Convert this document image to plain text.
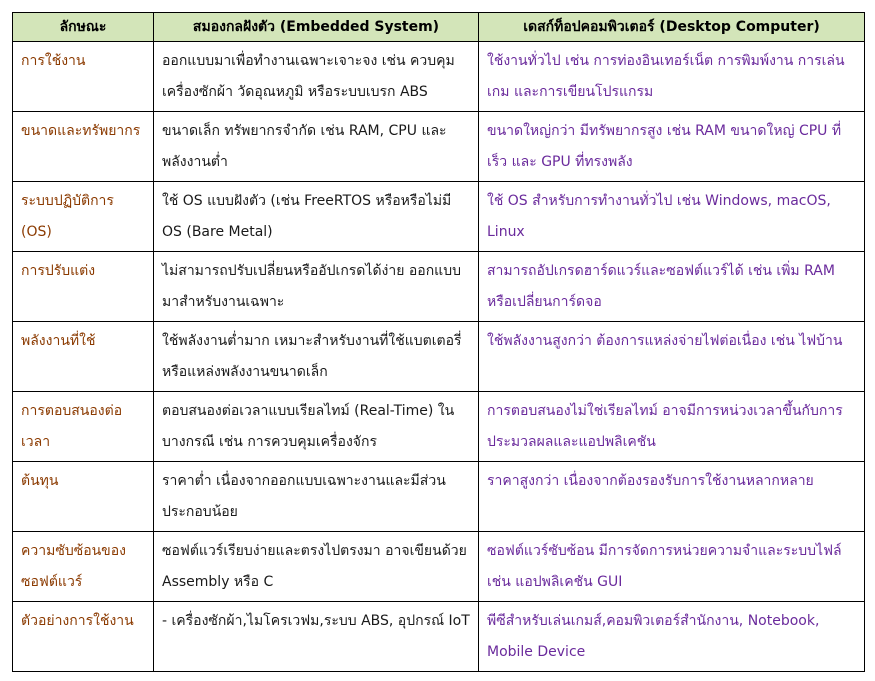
ลักษณะ	สมองกลฝังตัว (Embedded System)	เดสก์ท็อปคอมพิวเตอร์ (Desktop Computer)
การใช้งาน	ออกแบบมาเพื่อทำงานเฉพาะเจาะจง เช่น ควบคุมเครื่องซักผ้า วัดอุณหภูมิ หรือระบบเบรก ABS	ใช้งานทั่วไป เช่น การท่องอินเทอร์เน็ต การพิมพ์งาน การเล่นเกม และการเขียนโปรแกรม
ขนาดและทรัพยากร	ขนาดเล็ก ทรัพยากรจำกัด เช่น RAM, CPU และพลังงานต่ำ	ขนาดใหญ่กว่า มีทรัพยากรสูง เช่น RAM ขนาดใหญ่ CPU ที่เร็ว และ GPU ที่ทรงพลัง
ระบบปฏิบัติการ (OS)	ใช้ OS แบบฝังตัว (เช่น FreeRTOS หรือหรือไม่มี OS (Bare Metal)	ใช้ OS สำหรับการทำงานทั่วไป เช่น Windows, macOS, Linux
การปรับแต่ง	ไม่สามารถปรับเปลี่ยนหรืออัปเกรดได้ง่าย ออกแบบมาสำหรับงานเฉพาะ	สามารถอัปเกรดฮาร์ดแวร์และซอฟต์แวร์ได้ เช่น เพิ่ม RAM หรือเปลี่ยนการ์ดจอ
พลังงานที่ใช้	ใช้พลังงานต่ำมาก เหมาะสำหรับงานที่ใช้แบตเตอรี่หรือแหล่งพลังงานขนาดเล็ก	ใช้พลังงานสูงกว่า ต้องการแหล่งจ่ายไฟต่อเนื่อง เช่น ไฟบ้าน
การตอบสนองต่อเวลา	ตอบสนองต่อเวลาแบบเรียลไทม์ (Real-Time) ในบางกรณี เช่น การควบคุมเครื่องจักร	การตอบสนองไม่ใช่เรียลไทม์ อาจมีการหน่วงเวลาขึ้นกับการประมวลผลและแอปพลิเคชัน
ต้นทุน	ราคาต่ำ เนื่องจากออกแบบเฉพาะงานและมีส่วนประกอบน้อย	ราคาสูงกว่า เนื่องจากต้องรองรับการใช้งานหลากหลาย
ความซับซ้อนของซอฟต์แวร์	ซอฟต์แวร์เรียบง่ายและตรงไปตรงมา อาจเขียนด้วย Assembly หรือ C	ซอฟต์แวร์ซับซ้อน มีการจัดการหน่วยความจำและระบบไฟล์ เช่น แอปพลิเคชัน GUI
ตัวอย่างการใช้งาน	- เครื่องซักผ้า,ไมโครเวฟม,ระบบ ABS, อุปกรณ์ IoT	พีซีสำหรับเล่นเกมส์,คอมพิวเตอร์สำนักงาน, Notebook, Mobile Device
